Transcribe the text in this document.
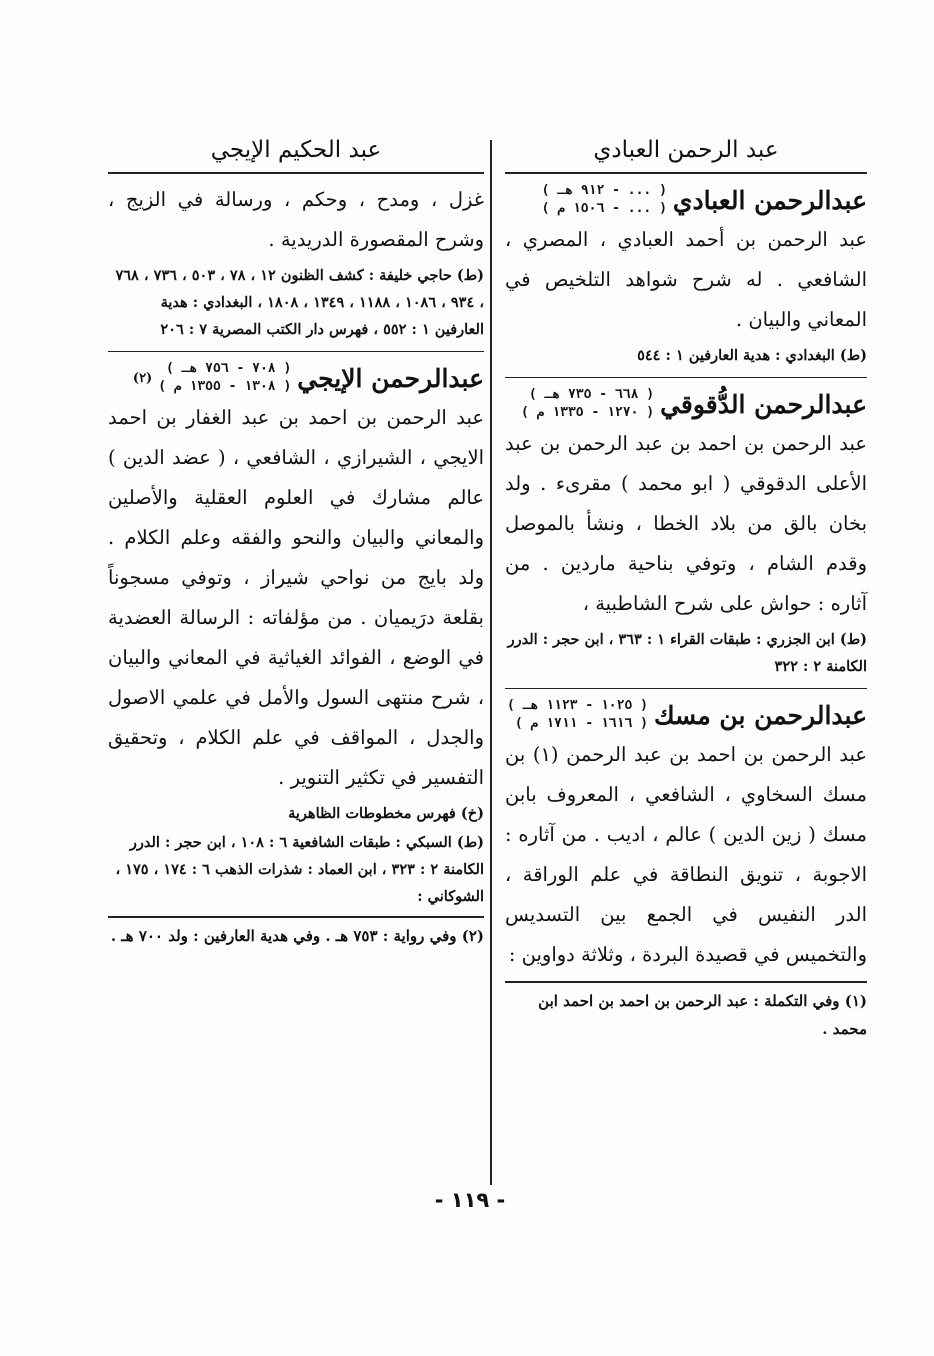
عبد الرحمن العبادي
عبدالرحمن العبادي
( ... - ٩١٢ هـ )
( ... - ١٥٠٦ م )
عبد الرحمن بن أحمد العبادي ، المصري ، الشافعي . له شرح شواهد التلخيص في المعاني والبيان .
(ط) البغدادي : هدية العارفين ١ : ٥٤٤
عبدالرحمن الدُّقوقي
( ٦٦٨ - ٧٣٥ هـ )
( ١٢٧٠ - ١٣٣٥ م )
عبد الرحمن بن احمد بن عبد الرحمن بن عبد الأعلى الدقوقي ( ابو محمد ) مقرىء . ولد بخان بالق من بلاد الخطا ، ونشأ بالموصل وقدم الشام ، وتوفي بناحية ماردين . من آثاره : حواش على شرح الشاطبية ،
(ط) ابن الجزري : طبقات القراء ١ : ٣٦٣ ، ابن حجر : الدرر الكامنة ٢ : ٣٢٢
عبدالرحمن بن مسك
( ١٠٢٥ - ١١٢٣ هـ )
( ١٦١٦ - ١٧١١ م )
عبد الرحمن بن احمد بن عبد الرحمن (١) بن مسك السخاوي ، الشافعي ، المعروف بابن مسك ( زين الدين ) عالم ، اديب . من آثاره : الاجوبة ، تنويق النطاقة في علم الوراقة ، الدر النفيس في الجمع بين التسديس والتخميس في قصيدة البردة ، وثلاثة دواوين :
(١) وفي التكملة : عبد الرحمن بن احمد بن احمد ابن محمد .
عبد الحكيم الإيجي
غزل ، ومدح ، وحكم ، ورسالة في الزيج ، وشرح المقصورة الدريدية .
(ط) حاجي خليفة : كشف الظنون ١٢ ، ٧٨ ، ٥٠٣ ، ٧٣٦ ، ٧٦٨ ، ٩٣٤ ، ١٠٨٦ ، ١١٨٨ ، ١٣٤٩ ، ١٨٠٨ ، البغدادي : هدية العارفين ١ : ٥٥٢ ، فهرس دار الكتب المصرية ٧ : ٢٠٦
عبدالرحمن الإيجي
( ٧٠٨ - ٧٥٦ هـ )
( ١٣٠٨ - ١٣٥٥ م )
(٢)
عبد الرحمن بن احمد بن عبد الغفار بن احمد الايجي ، الشيرازي ، الشافعي ، ( عضد الدين ) عالم مشارك في العلوم العقلية والأصلين والمعاني والبيان والنحو والفقه وعلم الكلام . ولد بايج من نواحي شيراز ، وتوفي مسجوناً بقلعة درَيميان . من مؤلفاته : الرسالة العضدية في الوضع ، الفوائد الغياثية في المعاني والبيان ، شرح منتهى السول والأمل في علمي الاصول والجدل ، المواقف في علم الكلام ، وتحقيق التفسير في تكثير التنوير .
(خ) فهرس مخطوطات الظاهرية
(ط) السبكي : طبقات الشافعية ٦ : ١٠٨ ، ابن حجر : الدرر الكامنة ٢ : ٣٢٣ ، ابن العماد : شذرات الذهب ٦ : ١٧٤ ، ١٧٥ ، الشوكاني :
(٢) وفي رواية : ٧٥٣ هـ . وفي هدية العارفين : ولد ٧٠٠ هـ .
- ١١٩ -
